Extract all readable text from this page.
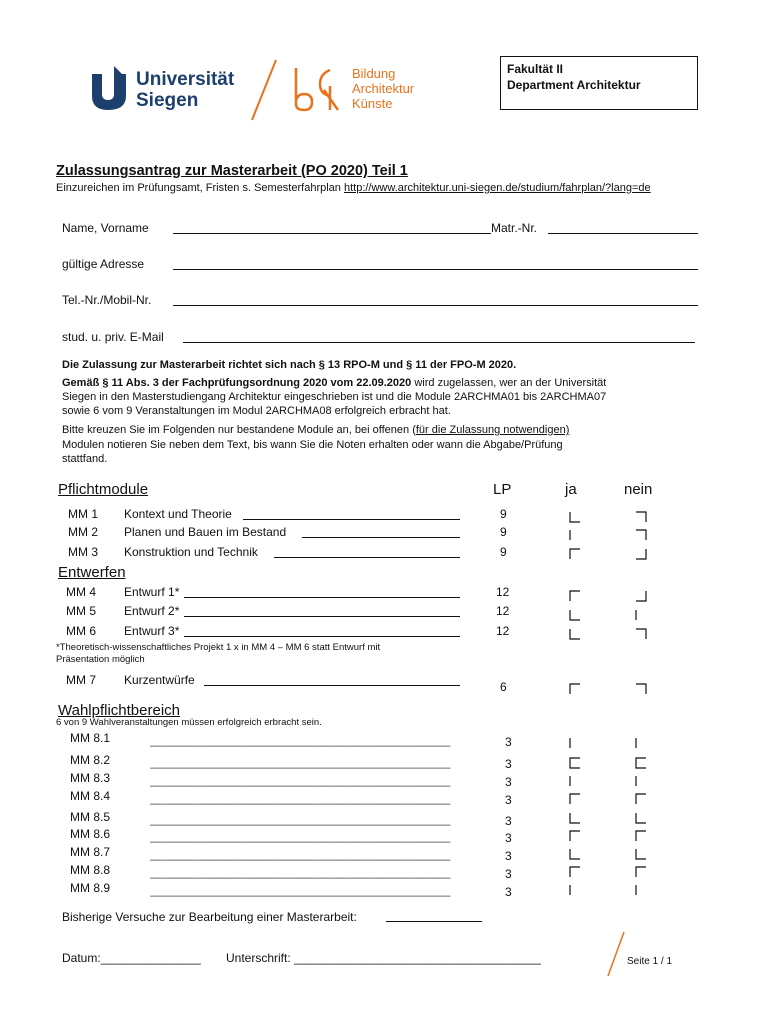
Universität
Siegen
Bildung
Architektur
Künste
Fakultät II
Department Architektur
Zulassungsantrag zur Masterarbeit (PO 2020) Teil 1
Einzureichen im Prüfungsamt, Fristen s. Semesterfahrplan http://www.architektur.uni-siegen.de/studium/fahrplan/?lang=de
Name, Vorname	Matr.-Nr.
gültige Adresse
Tel.-Nr./Mobil-Nr.
stud. u. priv. E-Mail
Die Zulassung zur Masterarbeit richtet sich nach § 13 RPO-M und § 11 der FPO-M 2020.
Gemäß § 11 Abs. 3 der Fachprüfungsordnung 2020 vom 22.09.2020 wird zugelassen, wer an der Universität
Siegen in den Masterstudiengang Architektur eingeschrieben ist und die Module 2ARCHMA01 bis 2ARCHMA07
sowie 6 vom 9 Veranstaltungen im Modul 2ARCHMA08 erfolgreich erbracht hat.
Bitte kreuzen Sie im Folgenden nur bestandene Module an, bei offenen (für die Zulassung notwendigen)
Modulen notieren Sie neben dem Text, bis wann Sie die Noten erhalten oder wann die Abgabe/Prüfung
stattfand.
Pflichtmodule	LP	ja	nein
MM 1 Kontext und Theorie	9
MM 2 Planen und Bauen im Bestand	9
MM 3 Konstruktion und Technik	9
Entwerfen
MM 4 Entwurf 1*	12
MM 5 Entwurf 2*	12
MM 6 Entwurf 3*	12
*Theoretisch-wissenschaftliches Projekt 1 x in MM 4 – MM 6 statt Entwurf mit
Präsentation möglich
MM 7 Kurzentwürfe	6
Wahlpflichtbereich
6 von 9 Wahlveranstaltungen müssen erfolgreich erbracht sein.
MM 8.1	_____________________________________________	3
MM 8.2	_____________________________________________	3
MM 8.3	_____________________________________________	3
MM 8.4	_____________________________________________	3
MM 8.5	_____________________________________________	3
MM 8.6	_____________________________________________	3
MM 8.7	_____________________________________________	3
MM 8.8	_____________________________________________	3
MM 8.9	_____________________________________________	3
Bisherige Versuche zur Bearbeitung einer Masterarbeit:
Datum:_______________ Unterschrift: _____________________________________	Seite 1 / 1
